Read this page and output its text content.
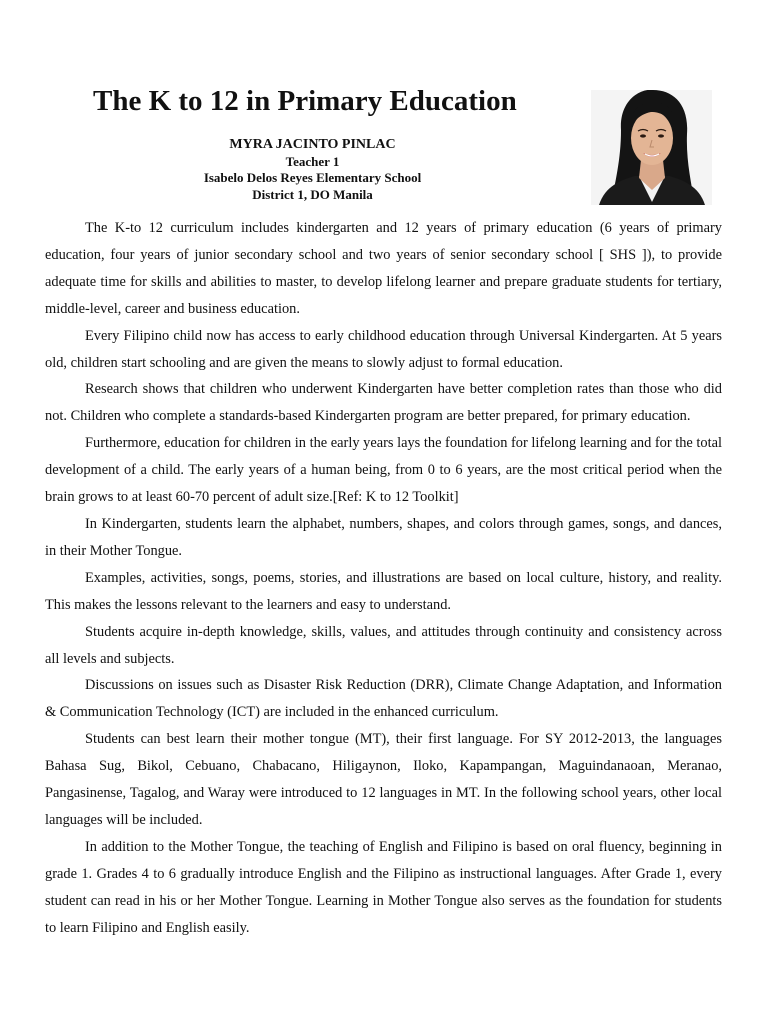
The K to 12 in Primary Education
MYRA JACINTO PINLAC
Teacher 1
Isabelo Delos Reyes Elementary School
District 1, DO Manila

The K-to 12 curriculum includes kindergarten and 12 years of primary education (6 years of primary education, four years of junior secondary school and two years of senior secondary school [ SHS ]), to provide adequate time for skills and abilities to master, to develop lifelong learner and prepare graduate students for tertiary, middle-level, career and business education.

Every Filipino child now has access to early childhood education through Universal Kindergarten. At 5 years old, children start schooling and are given the means to slowly adjust to formal education.

Research shows that children who underwent Kindergarten have better completion rates than those who did not. Children who complete a standards-based Kindergarten program are better prepared, for primary education.

Furthermore, education for children in the early years lays the foundation for lifelong learning and for the total development of a child. The early years of a human being, from 0 to 6 years, are the most critical period when the brain grows to at least 60-70 percent of adult size.[Ref: K to 12 Toolkit]

In Kindergarten, students learn the alphabet, numbers, shapes, and colors through games, songs, and dances, in their Mother Tongue.

Examples, activities, songs, poems, stories, and illustrations are based on local culture, history, and reality. This makes the lessons relevant to the learners and easy to understand.

Students acquire in-depth knowledge, skills, values, and attitudes through continuity and consistency across all levels and subjects.

Discussions on issues such as Disaster Risk Reduction (DRR), Climate Change Adaptation, and Information & Communication Technology (ICT) are included in the enhanced curriculum.

Students can best learn their mother tongue (MT), their first language. For SY 2012-2013, the languages Bahasa Sug, Bikol, Cebuano, Chabacano, Hiligaynon, Iloko, Kapampangan, Maguindanaoan, Meranao, Pangasinense, Tagalog, and Waray were introduced to 12 languages in MT. In the following school years, other local languages will be included.

In addition to the Mother Tongue, the teaching of English and Filipino is based on oral fluency, beginning in grade 1. Grades 4 to 6 gradually introduce English and the Filipino as instructional languages. After Grade 1, every student can read in his or her Mother Tongue. Learning in Mother Tongue also serves as the foundation for students to learn Filipino and English easily.
